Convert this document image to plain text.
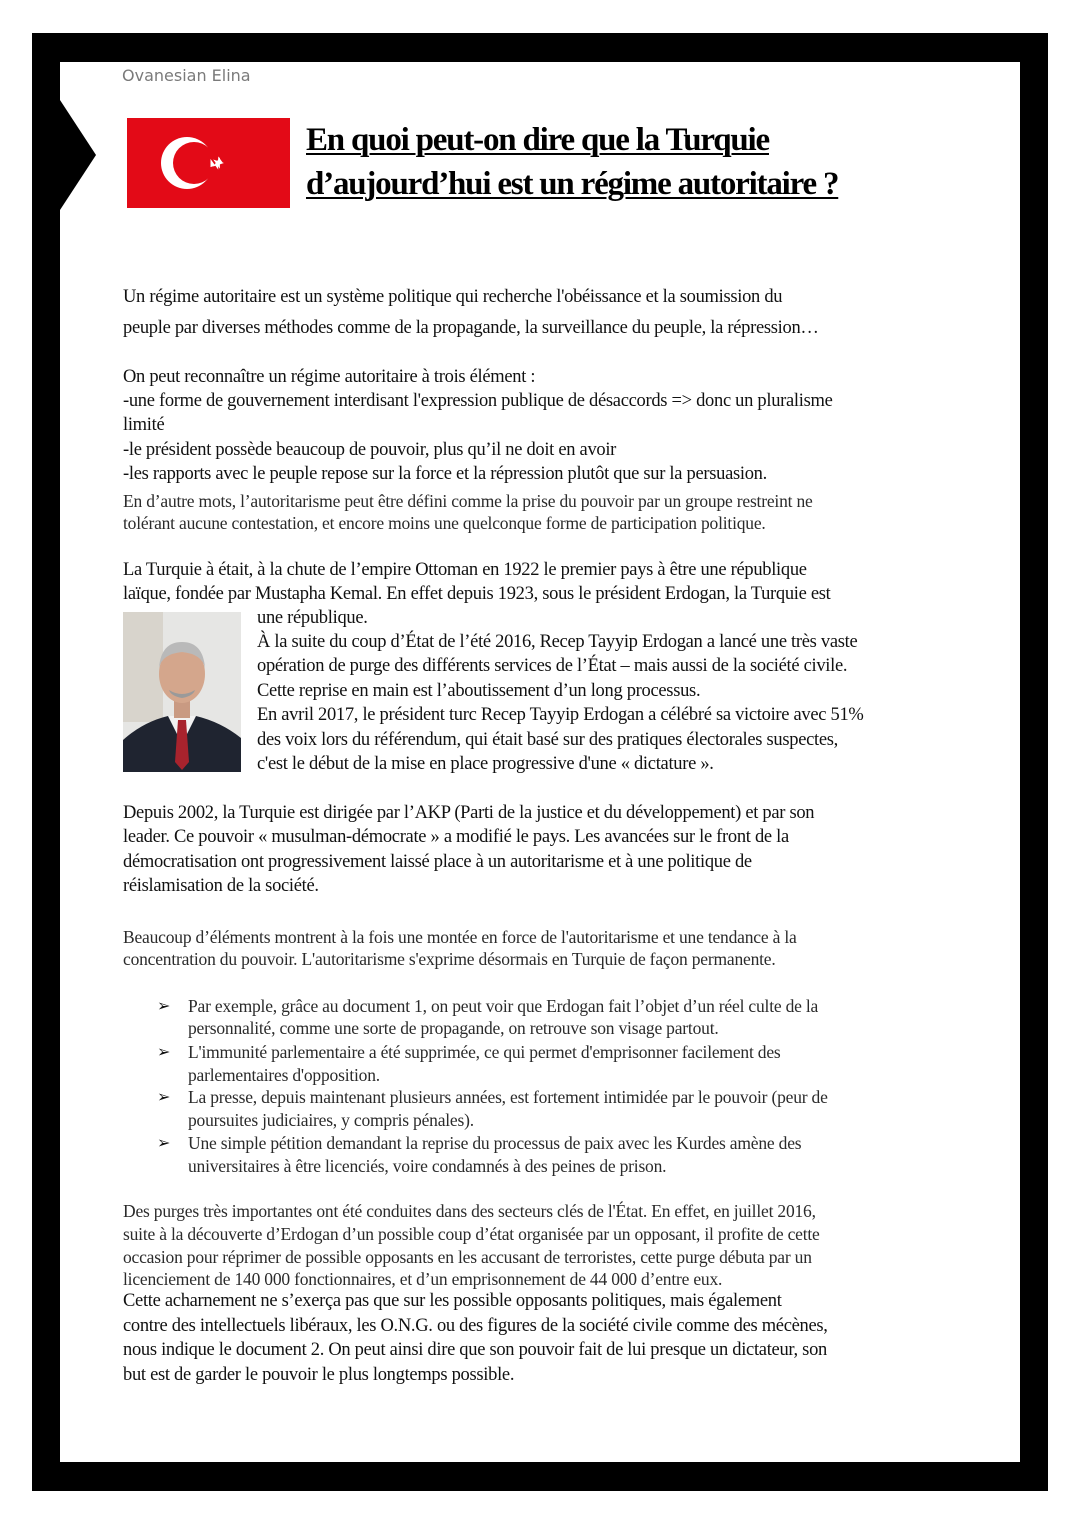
Ovanesian Elina
En quoi peut-on dire que la Turquie
d’aujourd’hui est un régime autoritaire ?
Un régime autoritaire est un système politique qui recherche l'obéissance et la soumission du
peuple par diverses méthodes comme de la propagande, la surveillance du peuple, la répression…
On peut reconnaître un régime autoritaire à trois élément :
-une forme de gouvernement interdisant l'expression publique de désaccords => donc un pluralisme
limité
-le président possède beaucoup de pouvoir, plus qu’il ne doit en avoir
-les rapports avec le peuple repose sur la force et la répression plutôt que sur la persuasion.
En d’autre mots, l’autoritarisme peut être défini comme la prise du pouvoir par un groupe restreint ne
tolérant aucune contestation, et encore moins une quelconque forme de participation politique.
La Turquie à était, à la chute de l’empire Ottoman en 1922 le premier pays à être une république
laïque, fondée par Mustapha Kemal. En effet depuis 1923, sous le président Erdogan, la Turquie est
une république.
À la suite du coup d’État de l’été 2016, Recep Tayyip Erdogan a lancé une très vaste
opération de purge des différents services de l’État – mais aussi de la société civile.
Cette reprise en main est l’aboutissement d’un long processus.
En avril 2017, le président turc Recep Tayyip Erdogan a célébré sa victoire avec 51%
des voix lors du référendum, qui était basé sur des pratiques électorales suspectes,
c'est le début de la mise en place progressive d'une « dictature ».
Depuis 2002, la Turquie est dirigée par l’AKP (Parti de la justice et du développement) et par son
leader. Ce pouvoir « musulman-démocrate » a modifié le pays. Les avancées sur le front de la
démocratisation ont progressivement laissé place à un autoritarisme et à une politique de
réislamisation de la société.
Beaucoup d’éléments montrent à la fois une montée en force de l'autoritarisme et une tendance à la
concentration du pouvoir. L'autoritarisme s'exprime désormais en Turquie de façon permanente.
➢ Par exemple, grâce au document 1, on peut voir que Erdogan fait l’objet d’un réel culte de la
personnalité, comme une sorte de propagande, on retrouve son visage partout.
➢ L'immunité parlementaire a été supprimée, ce qui permet d'emprisonner facilement des
parlementaires d'opposition.
➢ La presse, depuis maintenant plusieurs années, est fortement intimidée par le pouvoir (peur de
poursuites judiciaires, y compris pénales).
➢ Une simple pétition demandant la reprise du processus de paix avec les Kurdes amène des
universitaires à être licenciés, voire condamnés à des peines de prison.
Des purges très importantes ont été conduites dans des secteurs clés de l'État. En effet, en juillet 2016,
suite à la découverte d’Erdogan d’un possible coup d’état organisée par un opposant, il profite de cette
occasion pour réprimer de possible opposants en les accusant de terroristes, cette purge débuta par un
licenciement de 140 000 fonctionnaires, et d’un emprisonnement de 44 000 d’entre eux.
Cette acharnement ne s’exerça pas que sur les possible opposants politiques, mais également
contre des intellectuels libéraux, les O.N.G. ou des figures de la société civile comme des mécènes,
nous indique le document 2. On peut ainsi dire que son pouvoir fait de lui presque un dictateur, son
but est de garder le pouvoir le plus longtemps possible.
